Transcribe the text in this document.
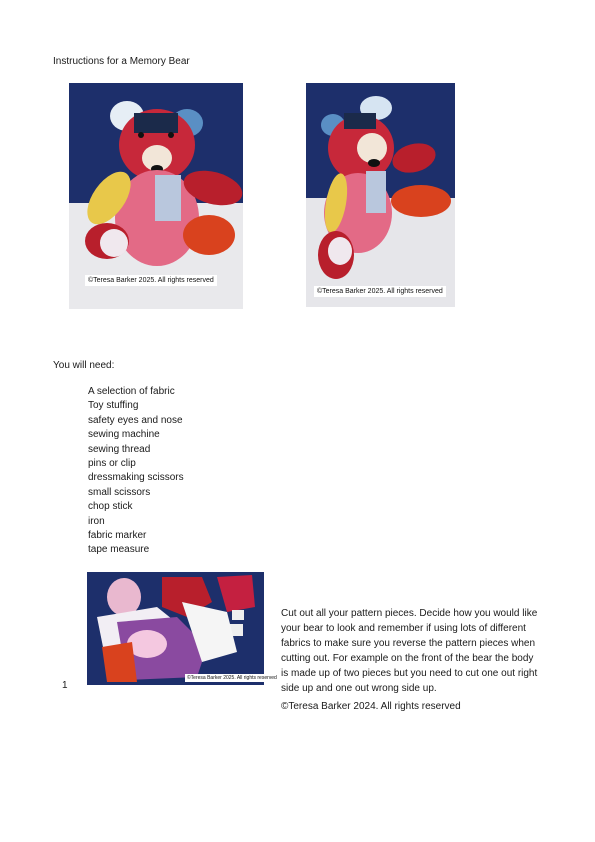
Instructions for a Memory Bear
©Teresa Barker 2025. All rights reserved
©Teresa Barker 2025. All rights reserved
You will need:
A selection of fabric
Toy stuffing
safety eyes and nose
sewing machine
sewing thread
pins or clip
dressmaking scissors
small scissors
chop stick
iron
fabric marker
tape measure
©Teresa Barker 2025. All rights reserved
1
Cut out all your pattern pieces. Decide how you would like your bear to look and remember if using lots of different fabrics to make sure you reverse the pattern pieces when cutting out. For example on the front of the bear the body is made up of two pieces but you need to cut one out right side up and one out wrong side up.
©Teresa Barker 2024. All rights reserved
